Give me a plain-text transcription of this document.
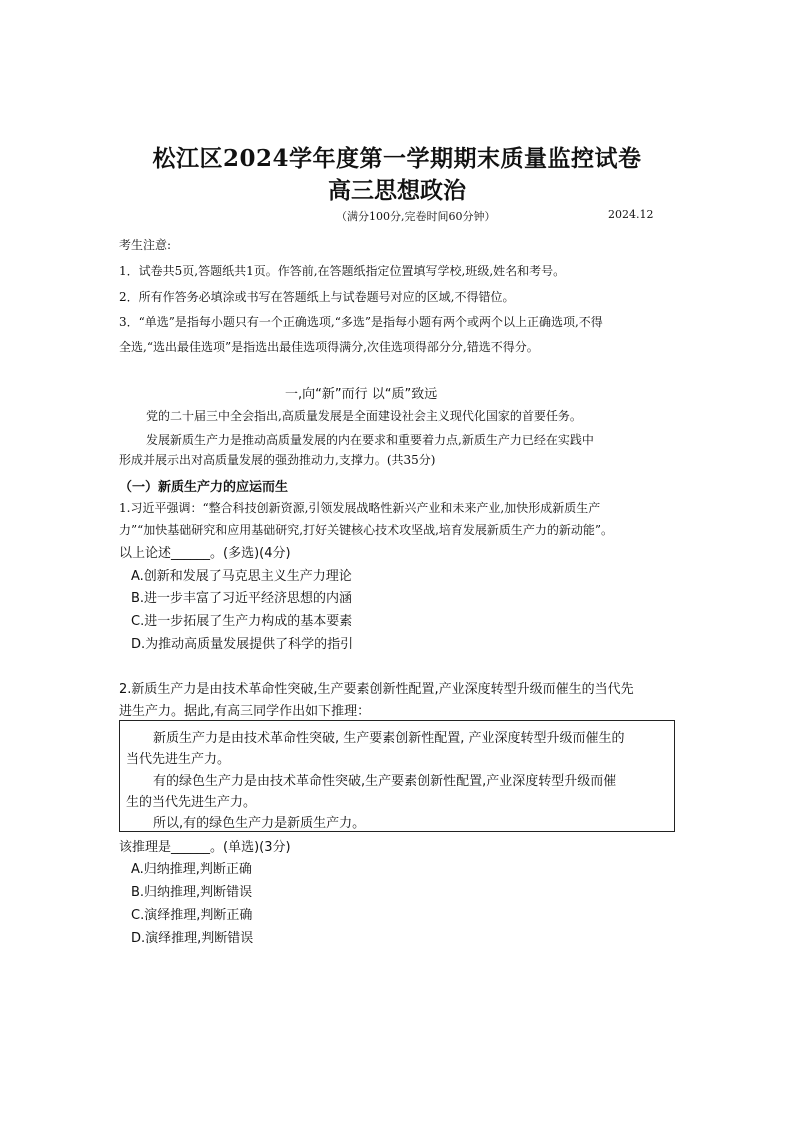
松江区2024学年度第一学期期末质量监控试卷
高三思想政治
（满分100分,完卷时间60分钟）	2024.12
考生注意:
1．试卷共5页,答题纸共1页。作答前,在答题纸指定位置填写学校,班级,姓名和考号。
2．所有作答务必填涂或书写在答题纸上与试卷题号对应的区域,不得错位。
3．“单选”是指每小题只有一个正确选项,“多选”是指每小题有两个或两个以上正确选项,不得
全选,“选出最佳选项”是指选出最佳选项得满分,次佳选项得部分分,错选不得分。
一,向“新”而行 以“质”致远
党的二十届三中全会指出,高质量发展是全面建设社会主义现代化国家的首要任务。
发展新质生产力是推动高质量发展的内在要求和重要着力点,新质生产力已经在实践中
形成并展示出对高质量发展的强劲推动力,支撑力。(共35分)
（一）新质生产力的应运而生
1.习近平强调：“整合科技创新资源,引领发展战略性新兴产业和未来产业,加快形成新质生产
力”“加快基础研究和应用基础研究,打好关键核心技术攻坚战,培育发展新质生产力的新动能”。
以上论述______。(多选)(4分)
A.创新和发展了马克思主义生产力理论
B.进一步丰富了习近平经济思想的内涵
C.进一步拓展了生产力构成的基本要素
D.为推动高质量发展提供了科学的指引
2.新质生产力是由技术革命性突破,生产要素创新性配置,产业深度转型升级而催生的当代先
进生产力。据此,有高三同学作出如下推理：
新质生产力是由技术革命性突破, 生产要素创新性配置, 产业深度转型升级而催生的
当代先进生产力。
有的绿色生产力是由技术革命性突破,生产要素创新性配置,产业深度转型升级而催
生的当代先进生产力。
所以,有的绿色生产力是新质生产力。
该推理是______。(单选)(3分)
A.归纳推理,判断正确
B.归纳推理,判断错误
C.演绎推理,判断正确
D.演绎推理,判断错误
